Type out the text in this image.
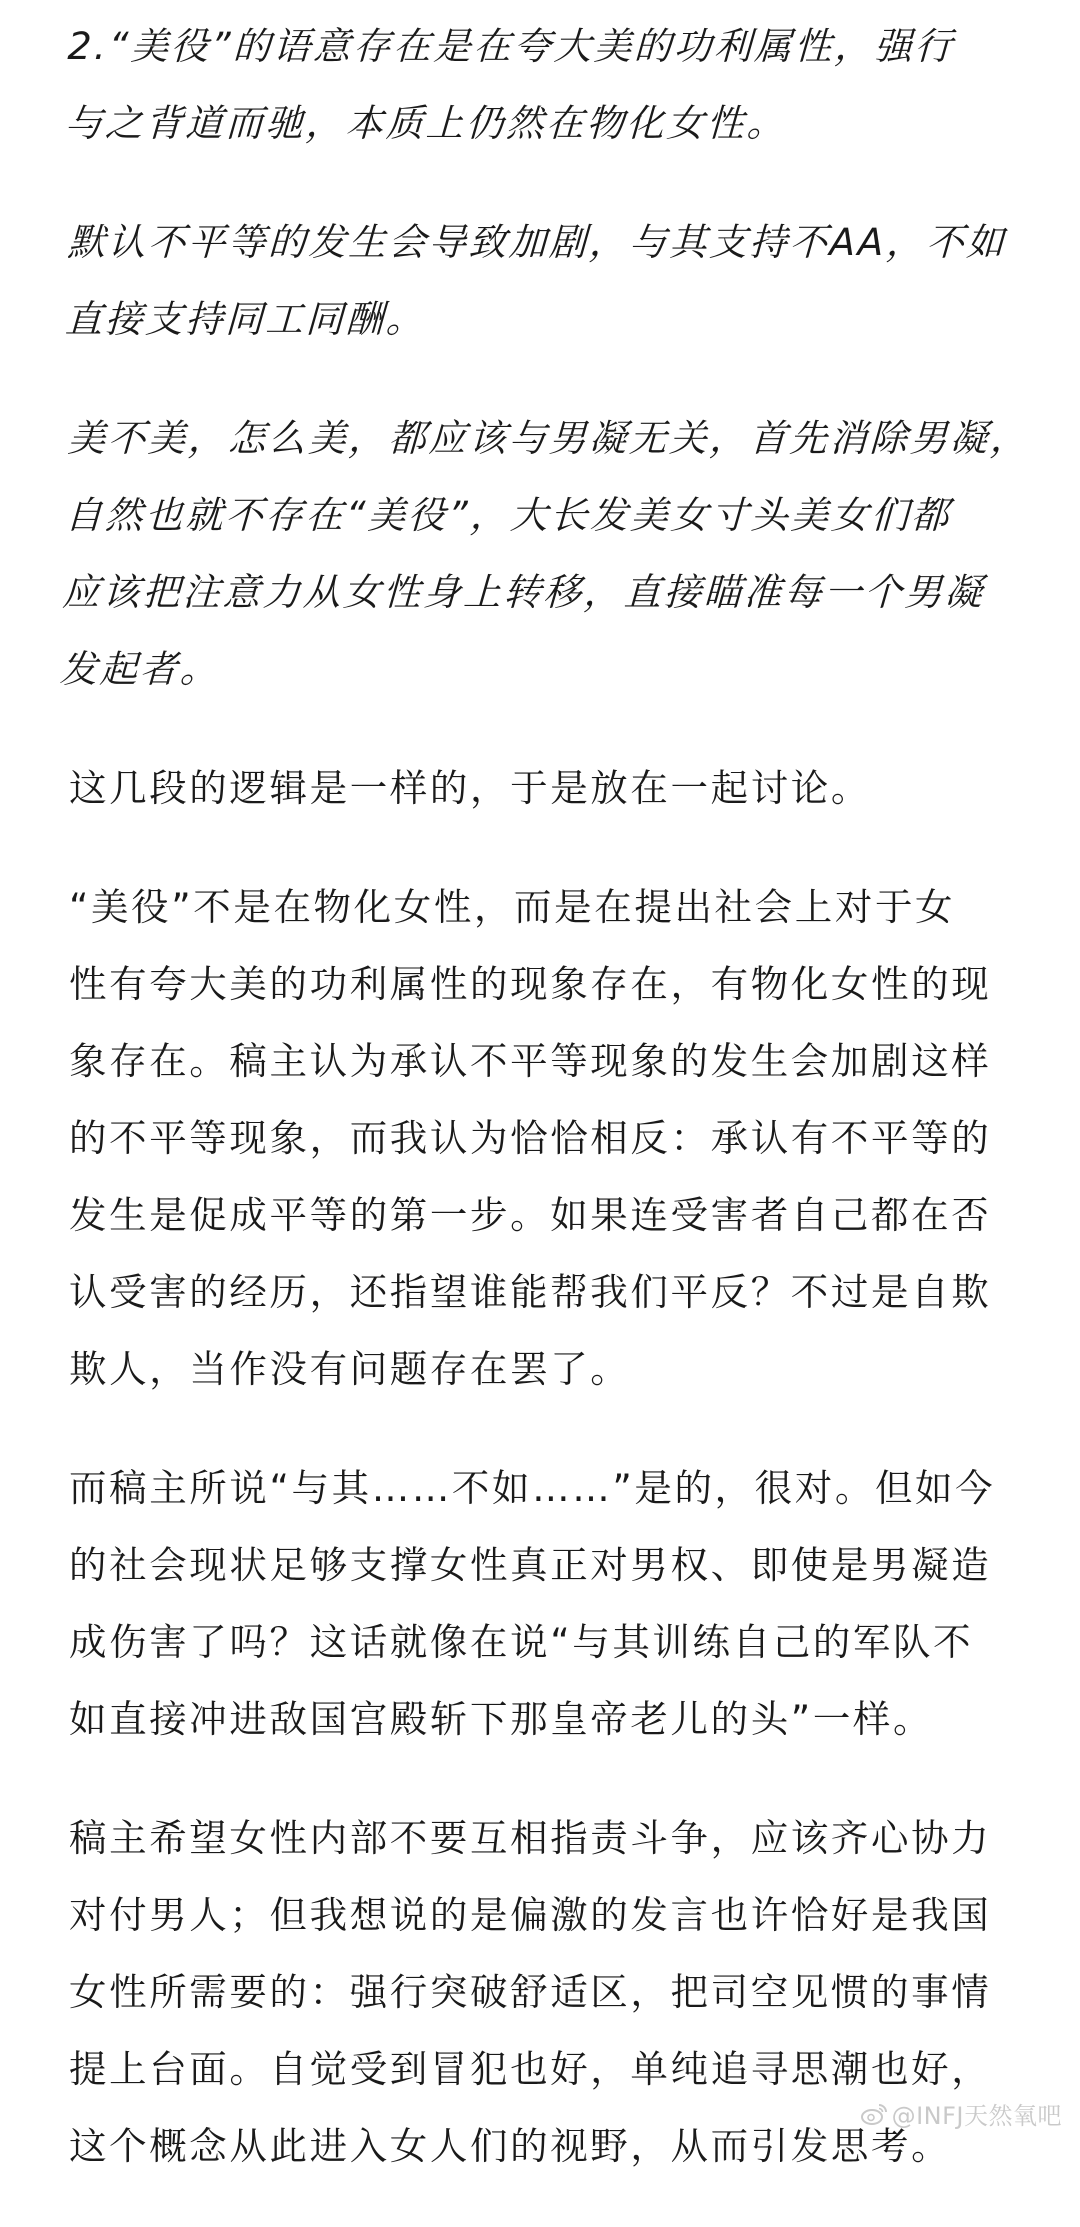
2.“美役”的语意存在是在夸大美的功利属性，强行
与之背道而驰，本质上仍然在物化女性。

默认不平等的发生会导致加剧，与其支持不AA，不如
直接支持同工同酬。

美不美，怎么美，都应该与男凝无关，首先消除男凝，
自然也就不存在“美役”，大长发美女寸头美女们都
应该把注意力从女性身上转移，直接瞄准每一个男凝
发起者。

这几段的逻辑是一样的，于是放在一起讨论。

“美役”不是在物化女性，而是在提出社会上对于女
性有夸大美的功利属性的现象存在，有物化女性的现
象存在。稿主认为承认不平等现象的发生会加剧这样
的不平等现象，而我认为恰恰相反：承认有不平等的
发生是促成平等的第一步。如果连受害者自己都在否
认受害的经历，还指望谁能帮我们平反？不过是自欺
欺人，当作没有问题存在罢了。

而稿主所说“与其……不如……”是的，很对。但如今
的社会现状足够支撑女性真正对男权、即使是男凝造
成伤害了吗？这话就像在说“与其训练自己的军队不
如直接冲进敌国宫殿斩下那皇帝老儿的头”一样。

稿主希望女性内部不要互相指责斗争，应该齐心协力
对付男人；但我想说的是偏激的发言也许恰好是我国
女性所需要的：强行突破舒适区，把司空见惯的事情
提上台面。自觉受到冒犯也好，单纯追寻思潮也好，
这个概念从此进入女人们的视野，从而引发思考。

@INFJ天然氧吧
